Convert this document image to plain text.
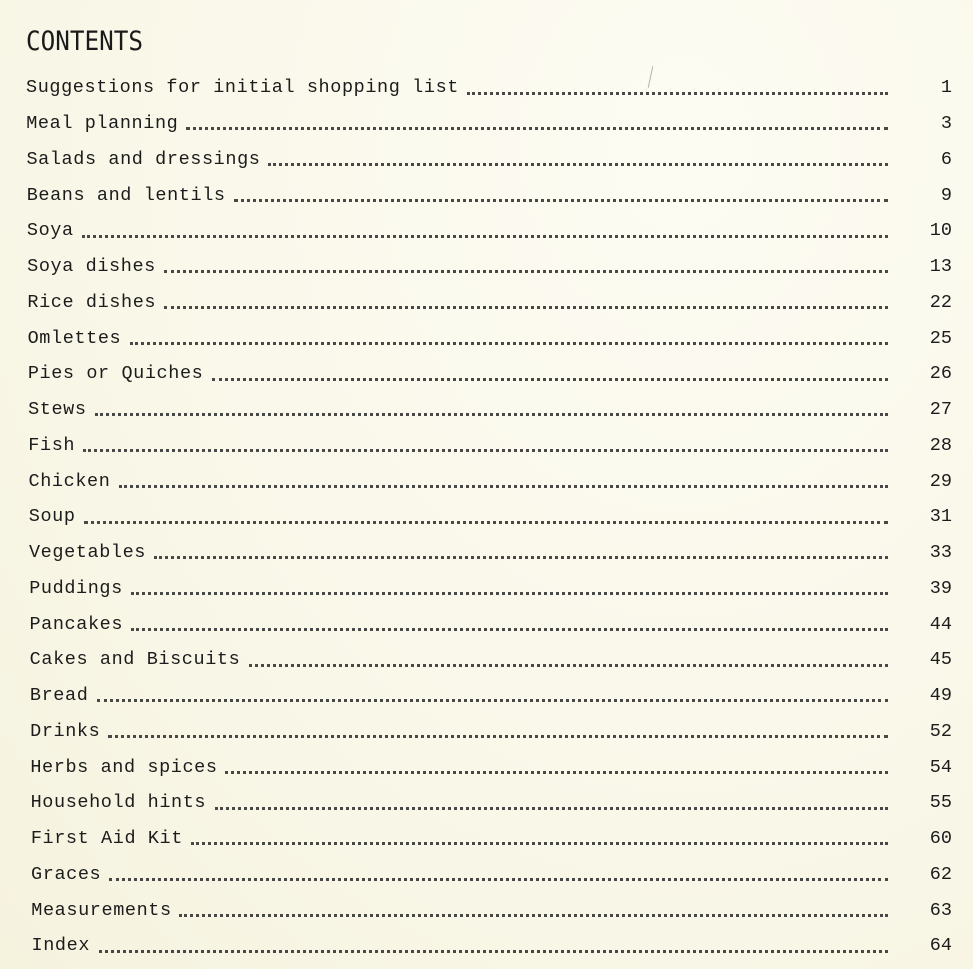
CONTENTS
Suggestions for initial shopping list	1
Meal planning	3
Salads and dressings	6
Beans and lentils	9
Soya	10
Soya dishes	13
Rice dishes	22
Omlettes	25
Pies or Quiches	26
Stews	27
Fish	28
Chicken	29
Soup	31
Vegetables	33
Puddings	39
Pancakes	44
Cakes and Biscuits	45
Bread	49
Drinks	52
Herbs and spices	54
Household hints	55
First Aid Kit	60
Graces	62
Measurements	63
Index	64
